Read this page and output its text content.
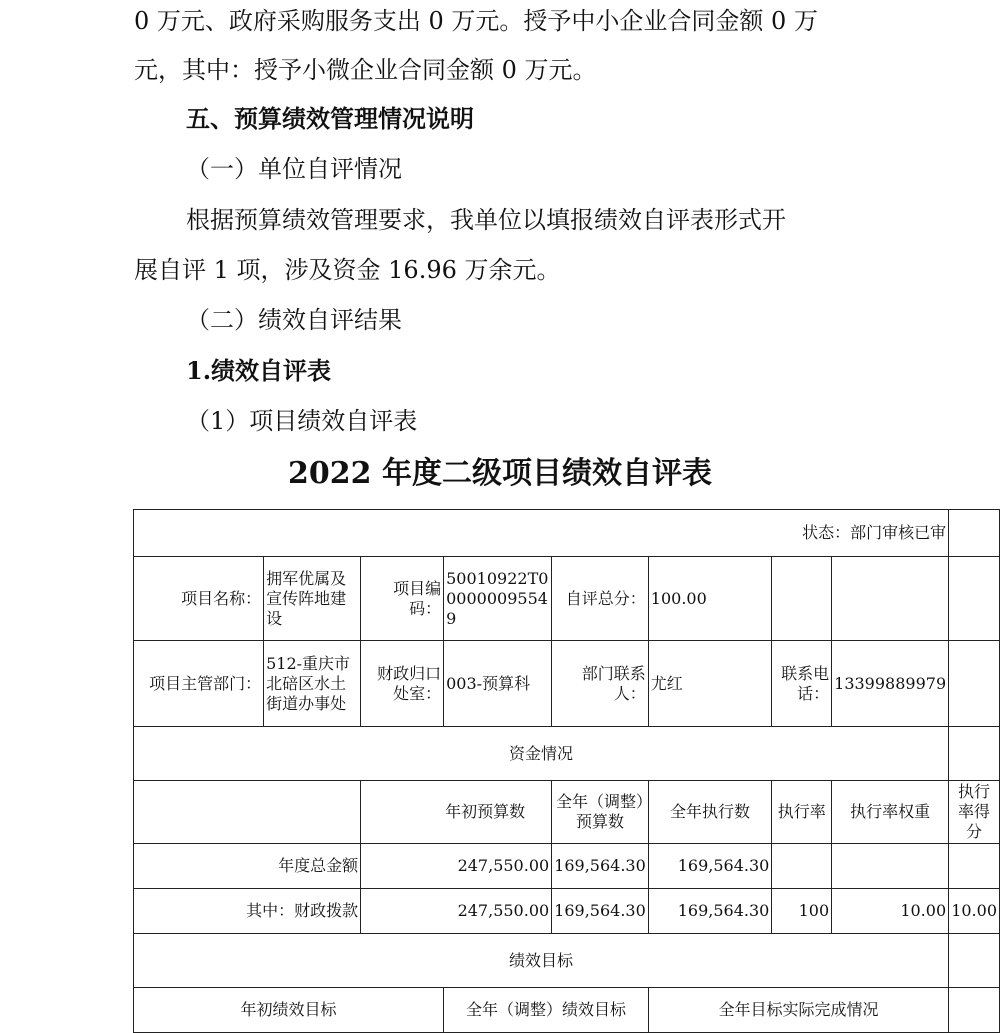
0 万元、政府采购服务支出 0 万元。授予中小企业合同金额 0 万
元，其中：授予小微企业合同金额 0 万元。
五、预算绩效管理情况说明
（一）单位自评情况
根据预算绩效管理要求，我单位以填报绩效自评表形式开
展自评 1 项，涉及资金 16.96 万余元。
（二）绩效自评结果
1.绩效自评表
（1）项目绩效自评表
2022 年度二级项目绩效自评表

状态：部门审核已审									
项目名称：	拥军优属及宣传阵地建设	项目编码：	50010922T000000095549	自评总分：	100.00				
项目主管部门：	512-重庆市北碚区水土街道办事处	财政归口处室：	003-预算科	部门联系人：	尤红		联系电话：	13399889979	
资金情况									
		年初预算数		全年（调整）预算数	全年执行数		执行率	执行率权重	执行率得分
年度总金额		247,550.00		169,564.30	169,564.30				
其中：财政拨款		247,550.00		169,564.30	169,564.30		100	10.00	10.00
绩效目标									
年初绩效目标			全年（调整）绩效目标		全年目标实际完成情况				
